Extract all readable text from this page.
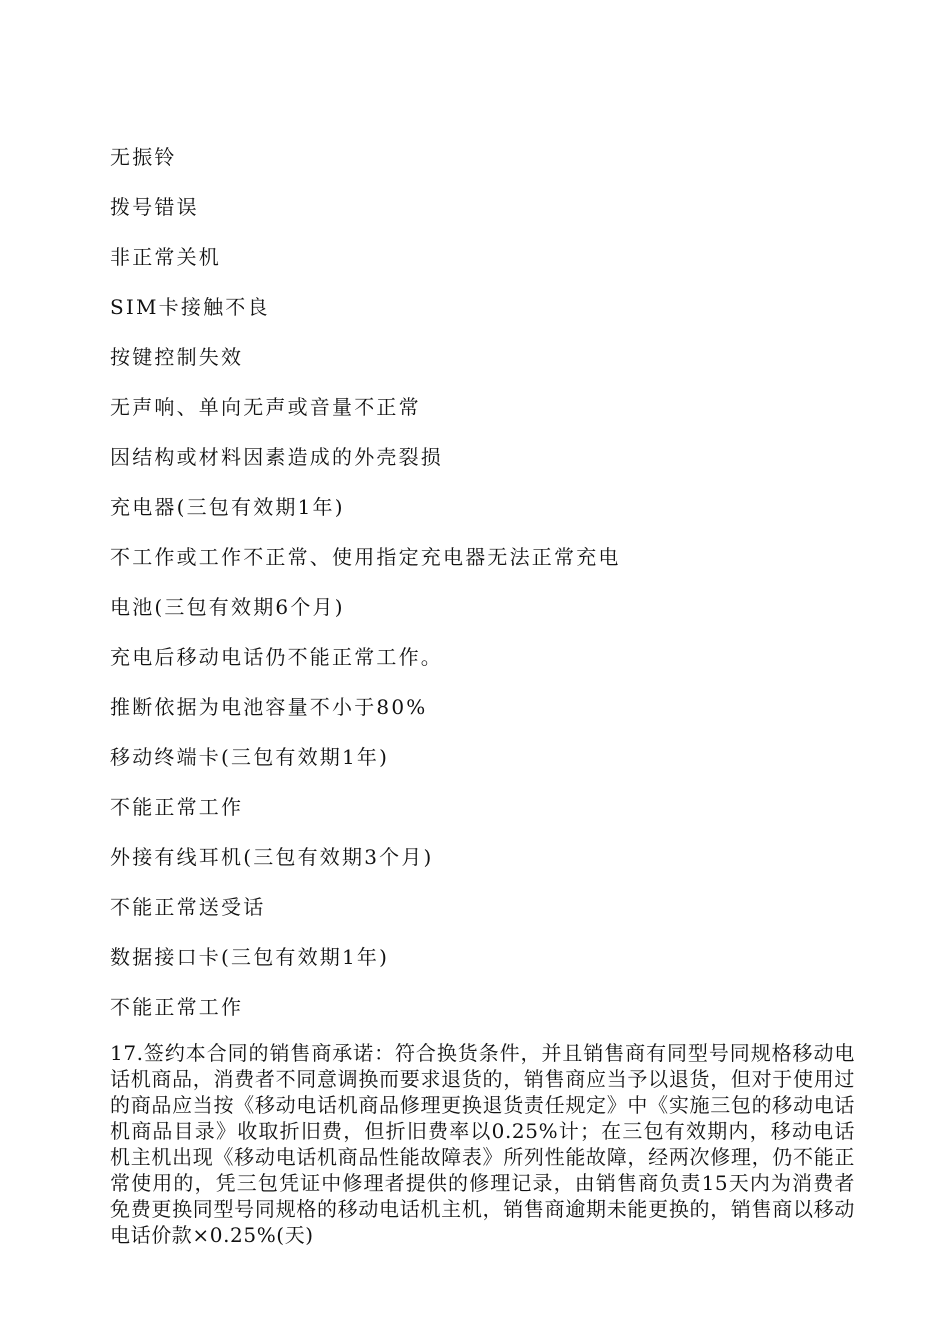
无振铃
拨号错误
非正常关机
SIM卡接触不良
按键控制失效
无声响、单向无声或音量不正常
因结构或材料因素造成的外壳裂损
充电器(三包有效期1年)
不工作或工作不正常、使用指定充电器无法正常充电
电池(三包有效期6个月)
充电后移动电话仍不能正常工作。
推断依据为电池容量不小于80%
移动终端卡(三包有效期1年)
不能正常工作
外接有线耳机(三包有效期3个月)
不能正常送受话
数据接口卡(三包有效期1年)
不能正常工作

17.签约本合同的销售商承诺：符合换货条件，并且销售商有同型号同规格移动电话机商品，消费者不同意调换而要求退货的，销售商应当予以退货，但对于使用过的商品应当按《移动电话机商品修理更换退货责任规定》中《实施三包的移动电话机商品目录》收取折旧费，但折旧费率以0.25%计；在三包有效期内，移动电话机主机出现《移动电话机商品性能故障表》所列性能故障，经两次修理，仍不能正常使用的，凭三包凭证中修理者提供的修理记录，由销售商负责15天内为消费者免费更换同型号同规格的移动电话机主机，销售商逾期未能更换的，销售商以移动电话价款×0.25%(天)
